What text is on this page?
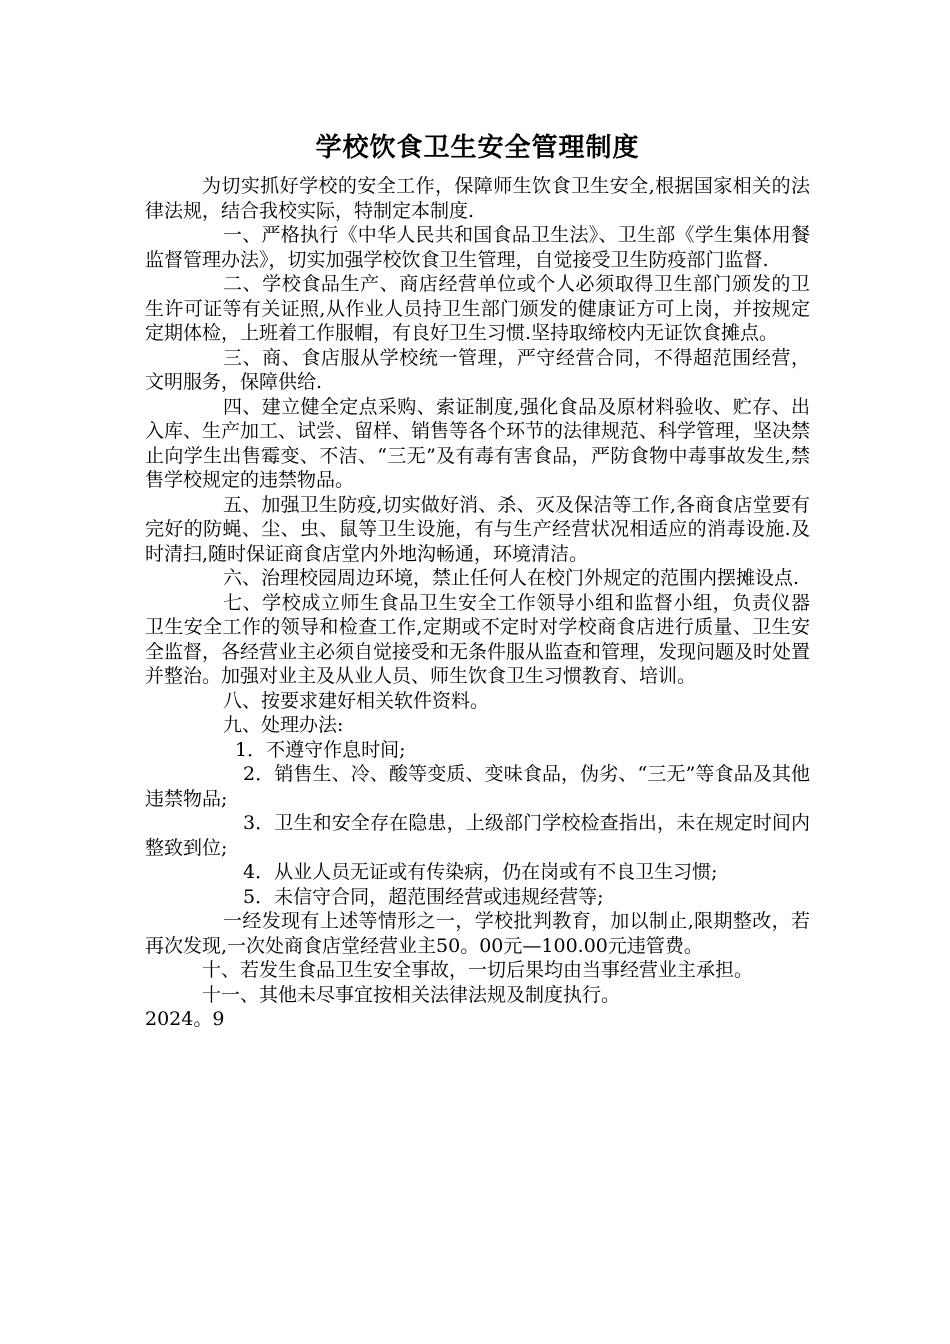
学校饮食卫生安全管理制度

为切实抓好学校的安全工作，保障师生饮食卫生安全,根据国家相关的法律法规，结合我校实际，特制定本制度.

一、严格执行《中华人民共和国食品卫生法》、卫生部《学生集体用餐监督管理办法》，切实加强学校饮食卫生管理，自觉接受卫生防疫部门监督.

二、学校食品生产、商店经营单位或个人必须取得卫生部门颁发的卫生许可证等有关证照,从作业人员持卫生部门颁发的健康证方可上岗，并按规定定期体检，上班着工作服帽，有良好卫生习惯.坚持取缔校内无证饮食摊点。

三、商、食店服从学校统一管理，严守经营合同，不得超范围经营，文明服务，保障供给.

四、建立健全定点采购、索证制度,强化食品及原材料验收、贮存、出入库、生产加工、试尝、留样、销售等各个环节的法律规范、科学管理，坚决禁止向学生出售霉变、不洁、“三无”及有毒有害食品，严防食物中毒事故发生,禁售学校规定的违禁物品。

五、加强卫生防疫,切实做好消、杀、灭及保洁等工作,各商食店堂要有完好的防蝇、尘、虫、鼠等卫生设施，有与生产经营状况相适应的消毒设施.及时清扫,随时保证商食店堂内外地沟畅通，环境清洁。

六、治理校园周边环境，禁止任何人在校门外规定的范围内摆摊设点.

七、学校成立师生食品卫生安全工作领导小组和监督小组，负责仪器卫生安全工作的领导和检查工作,定期或不定时对学校商食店进行质量、卫生安全监督，各经营业主必须自觉接受和无条件服从监查和管理，发现问题及时处置并整治。加强对业主及从业人员、师生饮食卫生习惯教育、培训。

八、按要求建好相关软件资料。

九、处理办法:

1．不遵守作息时间;

2．销售生、冷、酸等变质、变味食品，伪劣、“三无”等食品及其他违禁物品;

3．卫生和安全存在隐患，上级部门学校检查指出，未在规定时间内整致到位;

4．从业人员无证或有传染病，仍在岗或有不良卫生习惯;

5．未信守合同，超范围经营或违规经营等;

一经发现有上述等情形之一，学校批判教育，加以制止,限期整改，若再次发现,一次处商食店堂经营业主50。00元—100.00元违管费。

十、若发生食品卫生安全事故，一切后果均由当事经营业主承担。

十一、其他未尽事宜按相关法律法规及制度执行。

2024。9
